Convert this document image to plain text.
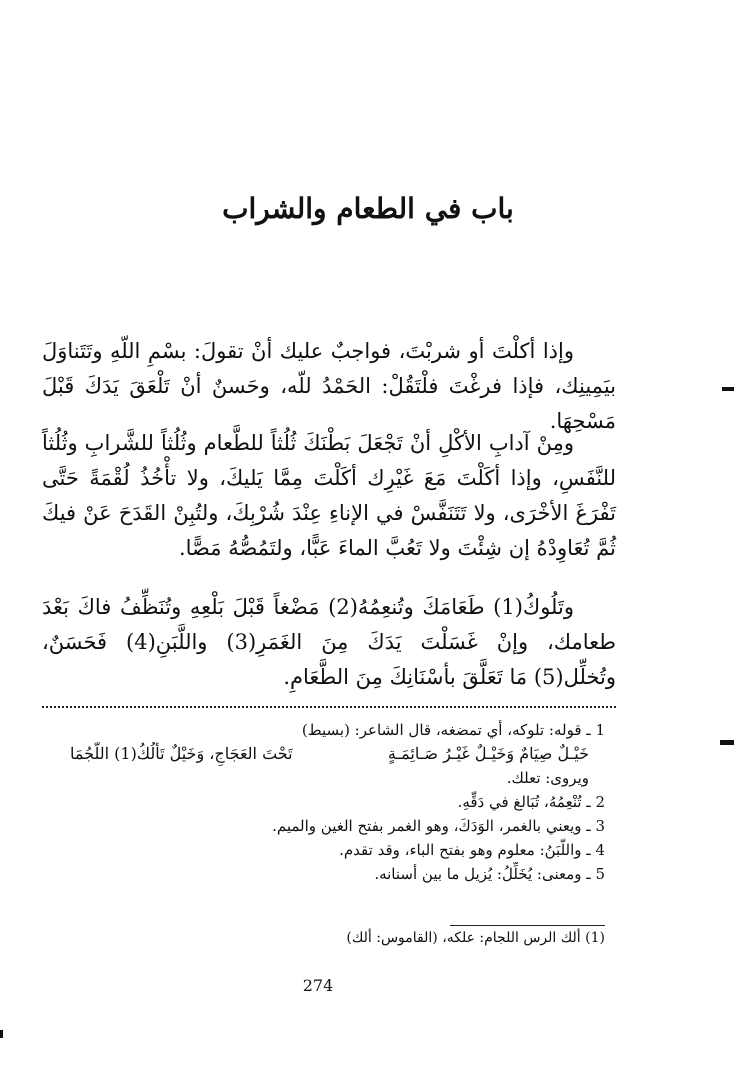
باب في الطعام والشراب

وإذا أكلْتَ أو شربْتَ، فواجبٌ عليك أنْ تقولَ: بسْمِ اللّهِ وتَتَناوَلَ بيَمِينِك، فإذا فرغْتَ فلْتَقُلْ: الحَمْدُ للّه، وحَسنٌ أنْ تَلْعَقَ يَدَكَ قَبْلَ مَسْحِهَا.

ومِنْ آدابِ الأكْلِ أنْ تَجْعَلَ بَطْنَكَ ثُلُثاً للطَّعام وثُلُثاً للشَّرابِ وثُلُثاً للنَّفَسِ، وإذا أكَلْتَ مَعَ غَيْرِك أكَلْتَ مِمَّا يَليكَ، ولا تأْخُذُ لُقْمَةً حَتَّى تَفْرَغَ الأخْرَى، ولا تَتَنَفَّسْ في الإناءِ عِنْدَ شُرْبِكَ، ولتُبِنْ القَدَحَ عَنْ فيكَ ثُمَّ تُعَاوِدْهُ إن شِئْتَ ولا تَعُبَّ الماءَ عَبًّا، ولتَمُصُّهُ مَصًّا.

وتَلُوكُ(1) طَعَامَكَ وتُنعِمُهُ(2) مَضْغاً قَبْلَ بَلْعِهِ وتُنَظِّفُ فاكَ بَعْدَ طعامك، وإنْ غَسَلْتَ يَدَكَ مِنَ الغَمَرِ(3) واللَّبَنِ(4) فَحَسَنٌ، وتُخلِّل(5) مَا تَعَلَّقَ بأسْنَانِكَ مِنَ الطَّعَامِ.

1 ـ قوله: تلوكه، أي تمضغه، قال الشاعر: (بسيط)

خَيْـلٌ صِيَامٌ وَخَيْـلٌ غَيْـرُ صَـائِمَـةٍ
تَحْتَ العَجَاجِ، وَخَيْلٌ تَأْلُكُ(1) اللُّجُمَا

ويروى: تعلك.

2 ـ تُنْعِمُهُ، تُبَالغ في دَقِّهِ.

3 ـ ويعني بالغمر، الوَدَكَ، وهو الغمر بفتح الغين والميم.

4 ـ واللَّبَنُ: معلوم وهو بفتح الباء، وقد تقدم.

5 ـ ومعنى: يُخَلِّلُ: يُزيل ما بين أسنانه.

(1) ألك الرس اللجام: علكه، (القاموس: ألك)
274
